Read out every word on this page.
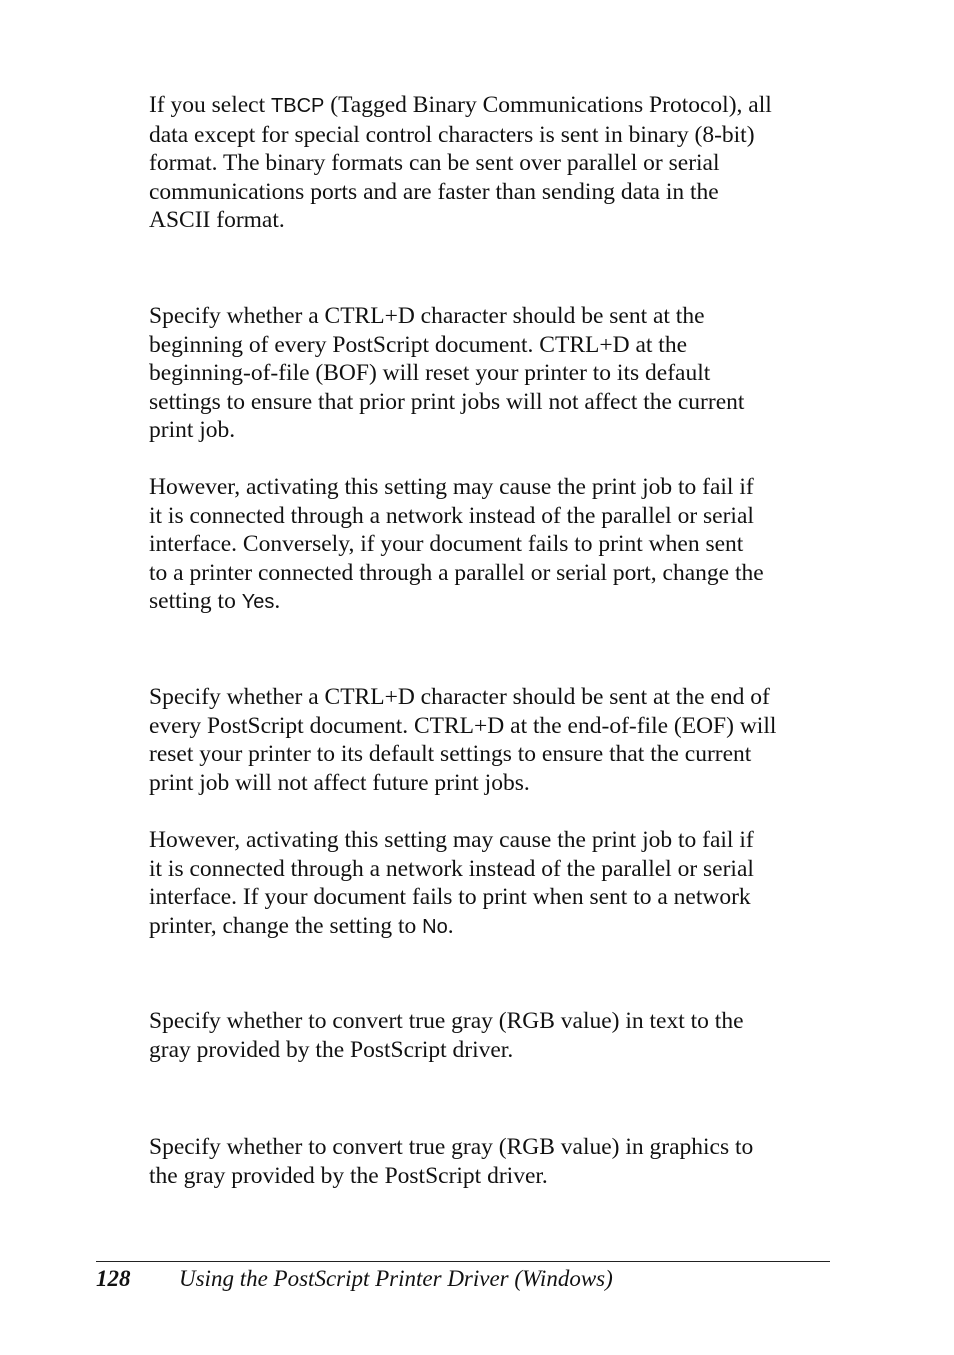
If you select TBCP (Tagged Binary Communications Protocol), all
data except for special control characters is sent in binary (8-bit)
format. The binary formats can be sent over parallel or serial
communications ports and are faster than sending data in the
ASCII format.

Specify whether a CTRL+D character should be sent at the
beginning of every PostScript document. CTRL+D at the
beginning-of-file (BOF) will reset your printer to its default
settings to ensure that prior print jobs will not affect the current
print job.

However, activating this setting may cause the print job to fail if
it is connected through a network instead of the parallel or serial
interface. Conversely, if your document fails to print when sent
to a printer connected through a parallel or serial port, change the
setting to Yes.

Specify whether a CTRL+D character should be sent at the end of
every PostScript document. CTRL+D at the end-of-file (EOF) will
reset your printer to its default settings to ensure that the current
print job will not affect future print jobs.

However, activating this setting may cause the print job to fail if
it is connected through a network instead of the parallel or serial
interface. If your document fails to print when sent to a network
printer, change the setting to No.

Specify whether to convert true gray (RGB value) in text to the
gray provided by the PostScript driver.

Specify whether to convert true gray (RGB value) in graphics to
the gray provided by the PostScript driver.

128 Using the PostScript Printer Driver (Windows)
